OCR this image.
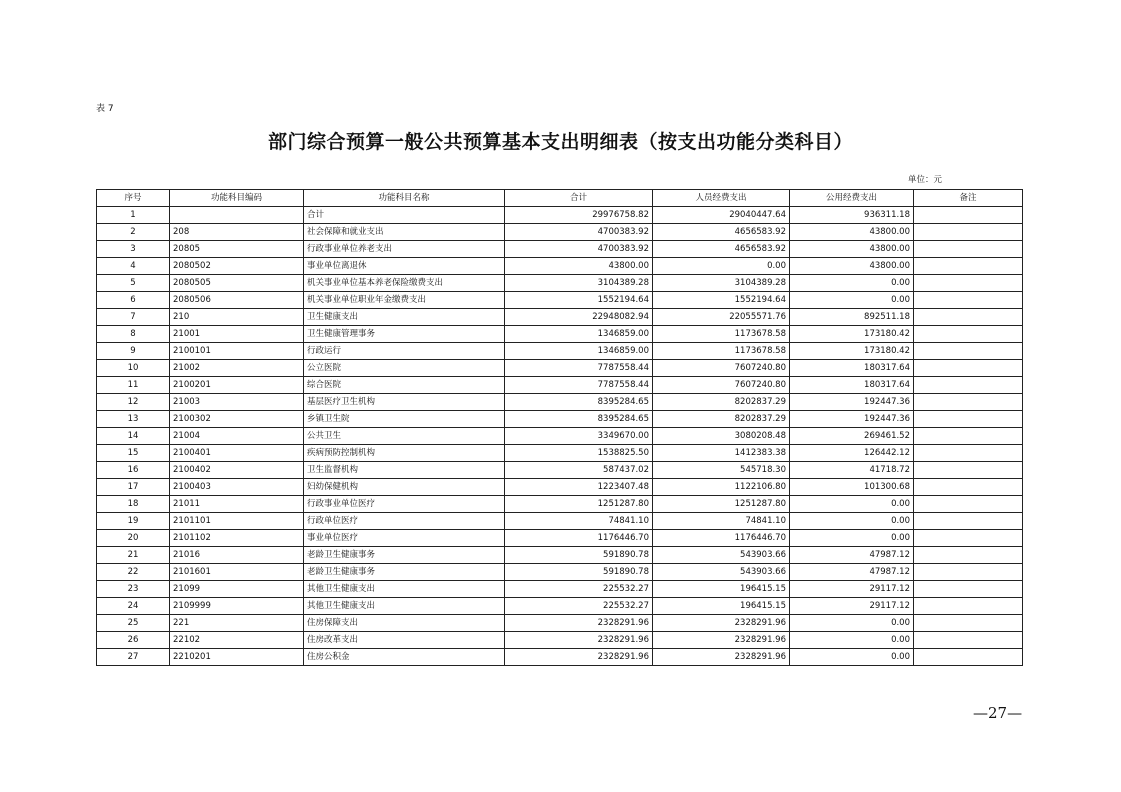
表 7
部门综合预算一般公共预算基本支出明细表（按支出功能分类科目）
单位：元
序号	功能科目编码	功能科目名称	合计	人员经费支出	公用经费支出	备注
1		合计	29976758.82	29040447.64	936311.18	
2	208	社会保障和就业支出	4700383.92	4656583.92	43800.00	
3	20805	行政事业单位养老支出	4700383.92	4656583.92	43800.00	
4	2080502	事业单位离退休	43800.00	0.00	43800.00	
5	2080505	机关事业单位基本养老保险缴费支出	3104389.28	3104389.28	0.00	
6	2080506	机关事业单位职业年金缴费支出	1552194.64	1552194.64	0.00	
7	210	卫生健康支出	22948082.94	22055571.76	892511.18	
8	21001	卫生健康管理事务	1346859.00	1173678.58	173180.42	
9	2100101	行政运行	1346859.00	1173678.58	173180.42	
10	21002	公立医院	7787558.44	7607240.80	180317.64	
11	2100201	综合医院	7787558.44	7607240.80	180317.64	
12	21003	基层医疗卫生机构	8395284.65	8202837.29	192447.36	
13	2100302	乡镇卫生院	8395284.65	8202837.29	192447.36	
14	21004	公共卫生	3349670.00	3080208.48	269461.52	
15	2100401	疾病预防控制机构	1538825.50	1412383.38	126442.12	
16	2100402	卫生监督机构	587437.02	545718.30	41718.72	
17	2100403	妇幼保健机构	1223407.48	1122106.80	101300.68	
18	21011	行政事业单位医疗	1251287.80	1251287.80	0.00	
19	2101101	行政单位医疗	74841.10	74841.10	0.00	
20	2101102	事业单位医疗	1176446.70	1176446.70	0.00	
21	21016	老龄卫生健康事务	591890.78	543903.66	47987.12	
22	2101601	老龄卫生健康事务	591890.78	543903.66	47987.12	
23	21099	其他卫生健康支出	225532.27	196415.15	29117.12	
24	2109999	其他卫生健康支出	225532.27	196415.15	29117.12	
25	221	住房保障支出	2328291.96	2328291.96	0.00	
26	22102	住房改革支出	2328291.96	2328291.96	0.00	
27	2210201	住房公积金	2328291.96	2328291.96	0.00	
—27—
